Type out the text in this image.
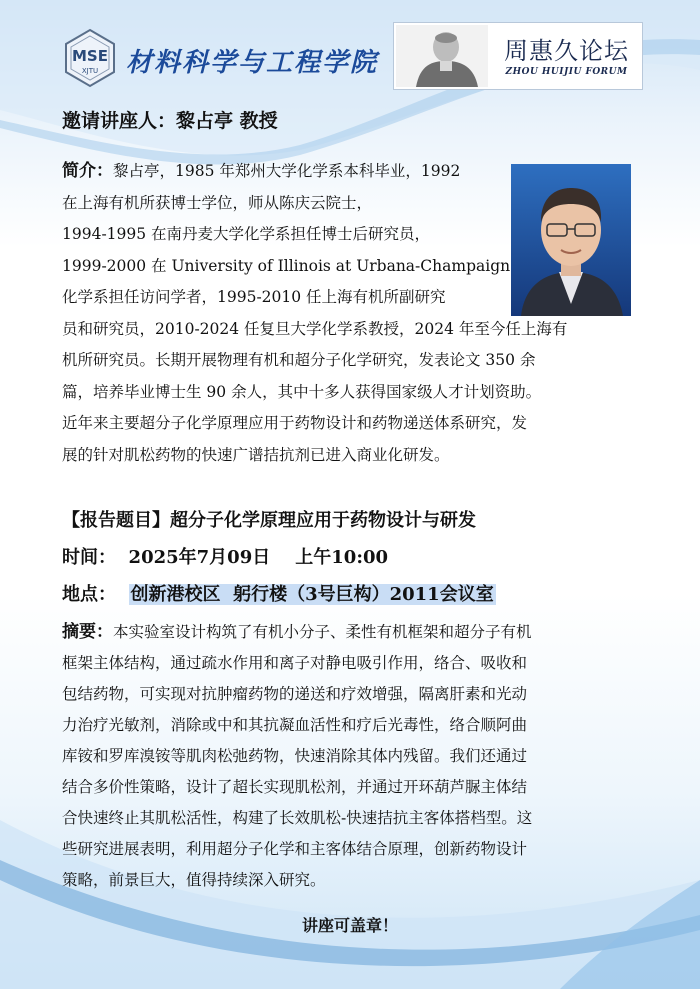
MSE
XJTU 材料科学与工程学院	周惠久论坛
ZHOU HUIJIU FORUM
邀请讲座人：黎占亭 教授
简介：黎占亭，1985 年郑州大学化学系本科毕业，1992
在上海有机所获博士学位，师从陈庆云院士，
1994-1995 在南丹麦大学化学系担任博士后研究员，
1999-2000 在 University of Illinois at Urbana-Champaign
化学系担任访问学者，1995-2010 任上海有机所副研究
员和研究员，2010-2024 任复旦大学化学系教授，2024 年至今任上海有
机所研究员。长期开展物理有机和超分子化学研究，发表论文 350 余
篇，培养毕业博士生 90 余人，其中十多人获得国家级人才计划资助。
近年来主要超分子化学原理应用于药物设计和药物递送体系研究，发
展的针对肌松药物的快速广谱拮抗剂已进入商业化研发。
【报告题目】超分子化学原理应用于药物设计与研发
时间： 2025年7月09日    上午10:00
地点： 创新港校区  躬行楼（3号巨构）2011会议室
摘要：本实验室设计构筑了有机小分子、柔性有机框架和超分子有机
框架主体结构，通过疏水作用和离子对静电吸引作用，络合、吸收和
包结药物，可实现对抗肿瘤药物的递送和疗效增强，隔离肝素和光动
力治疗光敏剂，消除或中和其抗凝血活性和疗后光毒性，络合顺阿曲
库铵和罗库溴铵等肌肉松弛药物，快速消除其体内残留。我们还通过
结合多价性策略，设计了超长实现肌松剂，并通过开环葫芦脲主体结
合快速终止其肌松活性，构建了长效肌松-快速拮抗主客体搭档型。这
些研究进展表明，利用超分子化学和主客体结合原理，创新药物设计
策略，前景巨大，值得持续深入研究。
讲座可盖章！
